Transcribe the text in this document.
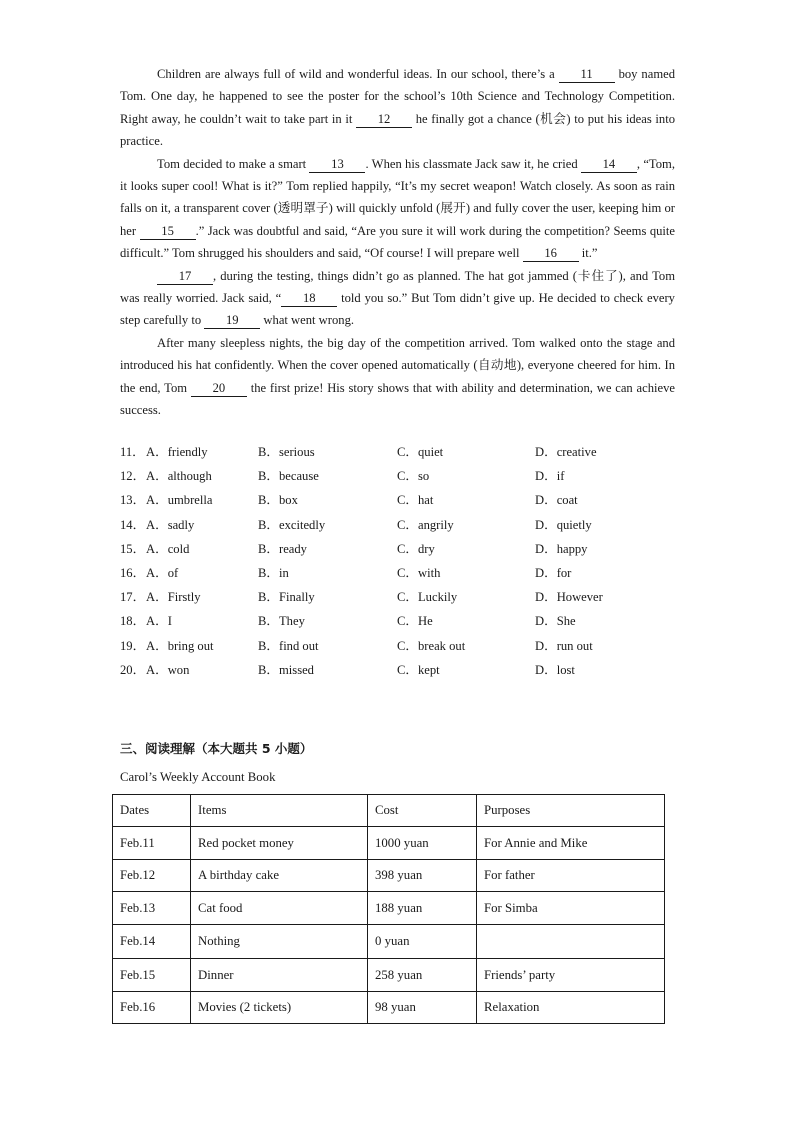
Children are always full of wild and wonderful ideas. In our school, there’s a 11 boy named Tom. One day, he happened to see the poster for the school’s 10th Science and Technology Competition. Right away, he couldn’t wait to take part in it 12 he finally got a chance (机会) to put his ideas into practice.

Tom decided to make a smart 13 . When his classmate Jack saw it, he cried 14 , “Tom, it looks super cool! What is it?” Tom replied happily, “It’s my secret weapon! Watch closely. As soon as rain falls on it, a transparent cover (透明罩子) will quickly unfold (展开) and fully cover the user, keeping him or her 15 .” Jack was doubtful and said, “Are you sure it will work during the competition? Seems quite difficult.” Tom shrugged his shoulders and said, “Of course! I will prepare well 16 it.”

17 , during the testing, things didn’t go as planned. The hat got jammed (卡住了), and Tom was really worried. Jack said, “ 18 told you so.” But Tom didn’t give up. He decided to check every step carefully to 19 what went wrong.

After many sleepless nights, the big day of the competition arrived. Tom walked onto the stage and introduced his hat confidently. When the cover opened automatically (自动地), everyone cheered for him. In the end, Tom 20 the first prize! His story shows that with ability and determination, we can achieve success.

11． A．friendly	B．serious	C．quiet	D．creative
12． A．although	B．because	C．so	D．if
13． A．umbrella	B．box	C．hat	D．coat
14． A．sadly	B．excitedly	C．angrily	D．quietly
15． A．cold	B．ready	C．dry	D．happy
16． A．of	B．in	C．with	D．for
17． A．Firstly	B．Finally	C．Luckily	D．However
18． A．I	B．They	C．He	D．She
19． A．bring out	B．find out	C．break out	D．run out
20． A．won	B．missed	C．kept	D．lost
三、阅读理解（本大题共 5 小题）
Carol’s Weekly Account Book
Dates	Items	Cost	Purposes
Feb.11	Red pocket money	1000 yuan	For Annie and Mike
Feb.12	A birthday cake	398 yuan	For father
Feb.13	Cat food	188 yuan	For Simba
Feb.14	Nothing	0 yuan	
Feb.15	Dinner	258 yuan	Friends’ party
Feb.16	Movies (2 tickets)	98 yuan	Relaxation
